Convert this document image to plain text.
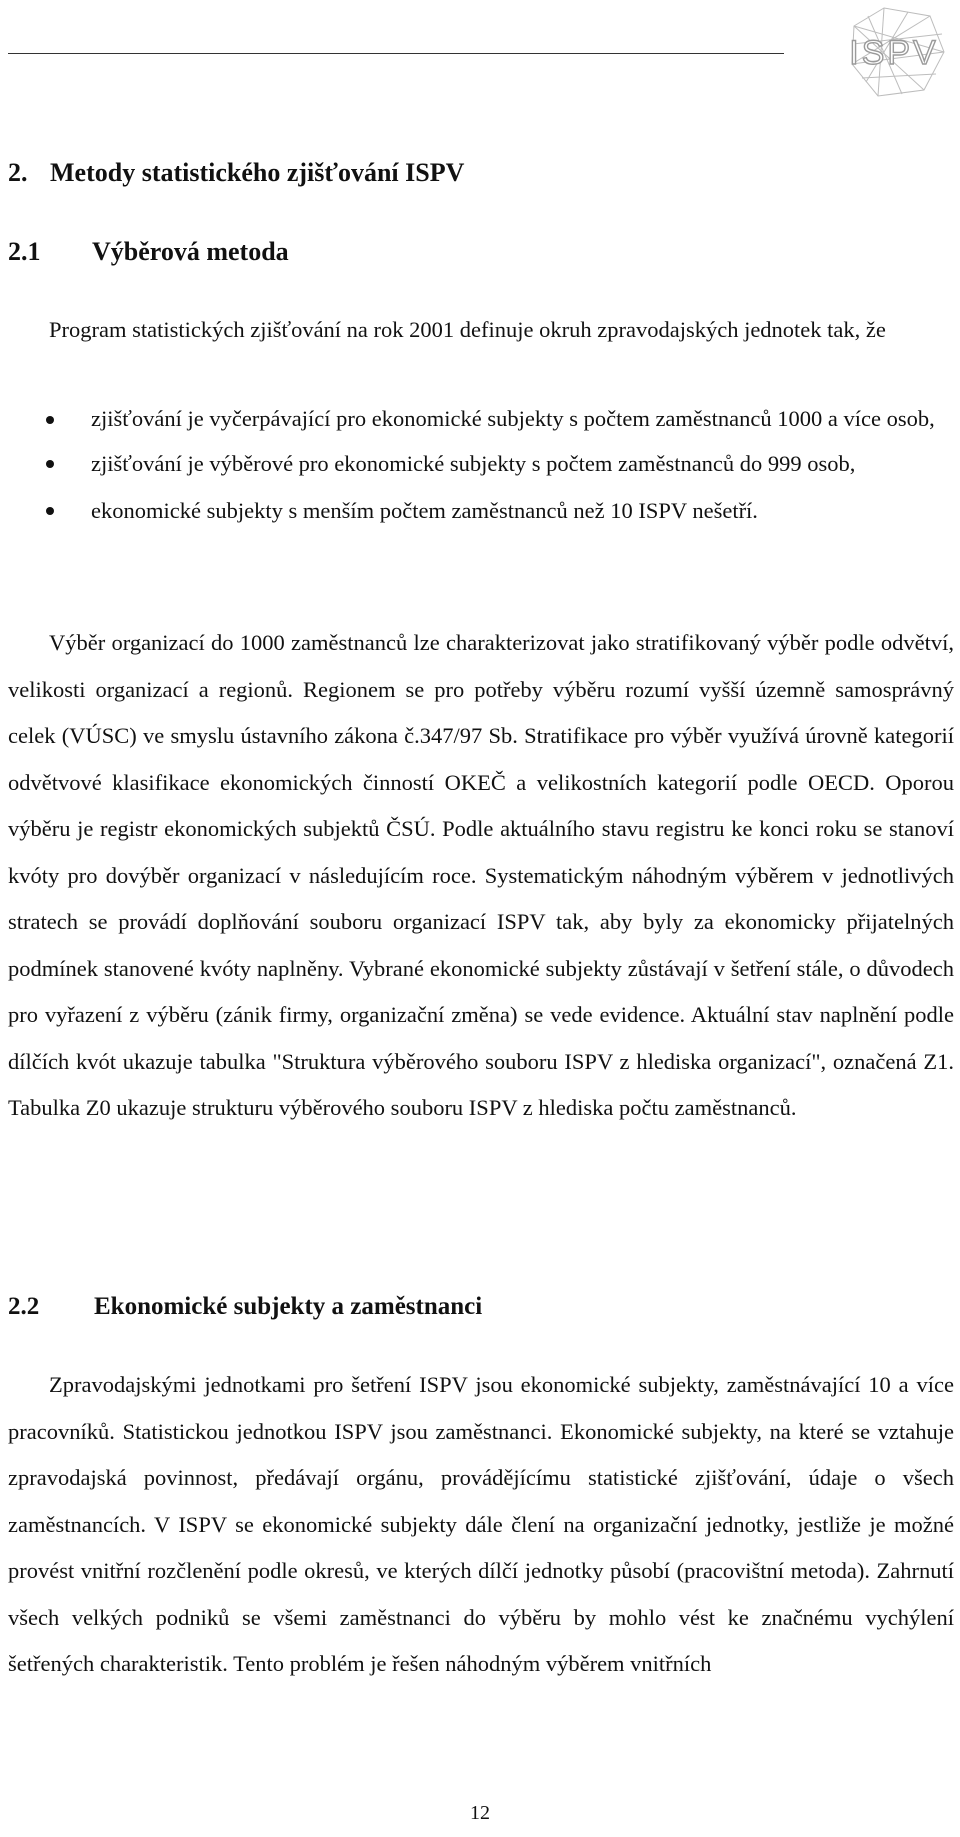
ISPV
2. Metody statistického zjišťování ISPV
2.1 Výběrová metoda

Program statistických zjišťování na rok 2001 definuje okruh zpravodajských jednotek tak, že

zjišťování je vyčerpávající pro ekonomické subjekty s počtem zaměstnanců 1000 a více osob,
zjišťování je výběrové pro ekonomické subjekty s počtem zaměstnanců do 999 osob,
ekonomické subjekty s menším počtem zaměstnanců než 10 ISPV nešetří.

Výběr organizací do 1000 zaměstnanců lze charakterizovat jako stratifikovaný výběr podle odvětví, velikosti organizací a regionů. Regionem se pro potřeby výběru rozumí vyšší územně samosprávný celek (VÚSC) ve smyslu ústavního zákona č.347/97 Sb. Stratifikace pro výběr využívá úrovně kategorií odvětvové klasifikace ekonomických činností OKEČ a velikostních kategorií podle OECD. Oporou výběru je registr ekonomických subjektů ČSÚ. Podle aktuálního stavu registru ke konci roku se stanoví kvóty pro dovýběr organizací v následujícím roce. Systematickým náhodným výběrem v jednotlivých stratech se provádí doplňování souboru organizací ISPV tak, aby byly za ekonomicky přijatelných podmínek stanovené kvóty naplněny. Vybrané ekonomické subjekty zůstávají v šetření stále, o důvodech pro vyřazení z výběru (zánik firmy, organizační změna) se vede evidence. Aktuální stav naplnění podle dílčích kvót ukazuje tabulka "Struktura výběrového souboru ISPV z hlediska organizací", označená Z1. Tabulka Z0 ukazuje strukturu výběrového souboru ISPV z hlediska počtu zaměstnanců.

2.2 Ekonomické subjekty a zaměstnanci

Zpravodajskými jednotkami pro šetření ISPV jsou ekonomické subjekty, zaměstnávající 10 a více pracovníků. Statistickou jednotkou ISPV jsou zaměstnanci. Ekonomické subjekty, na které se vztahuje zpravodajská povinnost, předávají orgánu, provádějícímu statistické zjišťování, údaje o všech zaměstnancích. V ISPV se ekonomické subjekty dále člení na organizační jednotky, jestliže je možné provést vnitřní rozčlenění podle okresů, ve kterých dílčí jednotky působí (pracovištní metoda). Zahrnutí všech velkých podniků se všemi zaměstnanci do výběru by mohlo vést ke značnému vychýlení šetřených charakteristik. Tento problém je řešen náhodným výběrem vnitřních

12
